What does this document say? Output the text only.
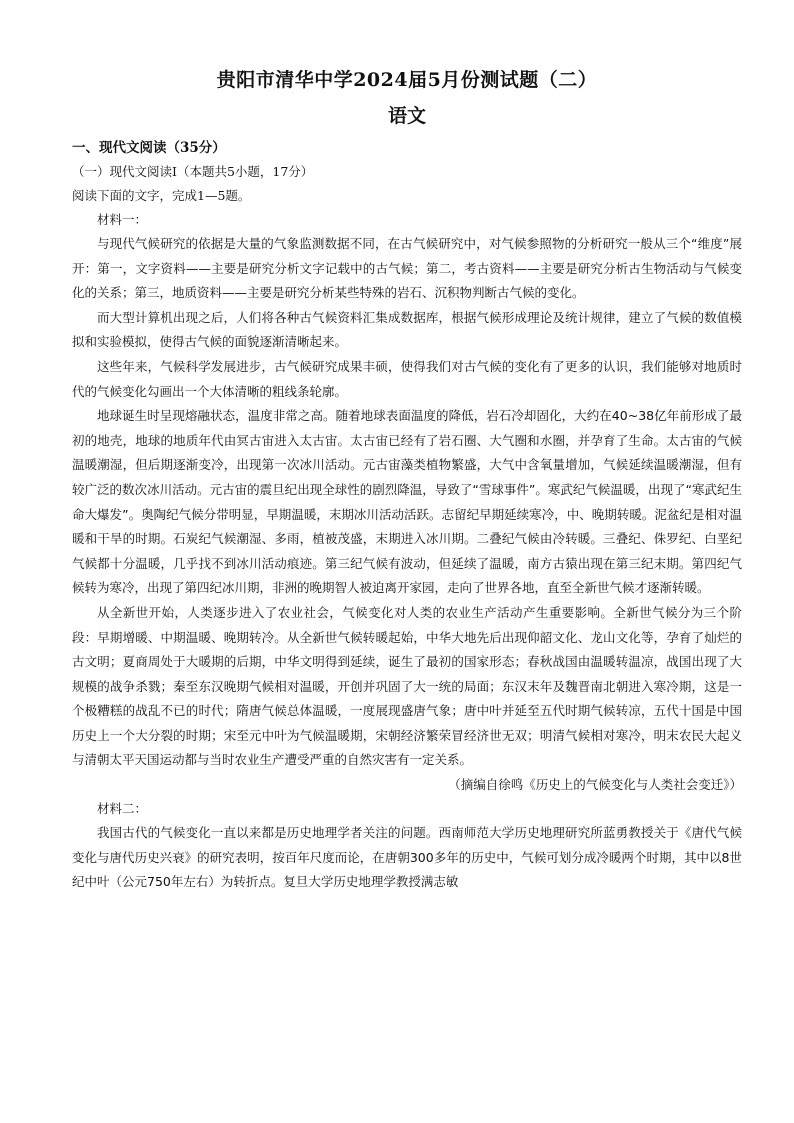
贵阳市清华中学2024届5月份测试题（二）
语文

一、现代文阅读（35分）

（一）现代文阅读Ⅰ（本题共5小题，17分）

阅读下面的文字，完成1—5题。

材料一：

与现代气候研究的依据是大量的气象监测数据不同，在古气候研究中，对气候参照物的分析研究一般从三个“维度”展开：第一，文字资料——主要是研究分析文字记载中的古气候；第二，考古资料——主要是研究分析古生物活动与气候变化的关系；第三，地质资料——主要是研究分析某些特殊的岩石、沉积物判断古气候的变化。

而大型计算机出现之后，人们将各种古气候资料汇集成数据库，根据气候形成理论及统计规律，建立了气候的数值模拟和实验模拟，使得古气候的面貌逐渐清晰起来。

这些年来，气候科学发展进步，古气候研究成果丰硕，使得我们对古气候的变化有了更多的认识，我们能够对地质时代的气候变化勾画出一个大体清晰的粗线条轮廓。

地球诞生时呈现熔融状态，温度非常之高。随着地球表面温度的降低，岩石冷却固化，大约在40~38亿年前形成了最初的地壳，地球的地质年代由冥古宙进入太古宙。太古宙已经有了岩石圈、大气圈和水圈，并孕育了生命。太古宙的气候温暖潮湿，但后期逐渐变冷，出现第一次冰川活动。元古宙藻类植物繁盛，大气中含氧量增加，气候延续温暖潮湿，但有较广泛的数次冰川活动。元古宙的震旦纪出现全球性的剧烈降温，导致了“雪球事件”。寒武纪气候温暖，出现了“寒武纪生命大爆发”。奥陶纪气候分带明显，早期温暖，末期冰川活动活跃。志留纪早期延续寒冷，中、晚期转暖。泥盆纪是相对温暖和干旱的时期。石炭纪气候潮湿、多雨，植被茂盛，末期进入冰川期。二叠纪气候由冷转暖。三叠纪、侏罗纪、白垩纪气候都十分温暖，几乎找不到冰川活动痕迹。第三纪气候有波动，但延续了温暖，南方古猿出现在第三纪末期。第四纪气候转为寒冷，出现了第四纪冰川期，非洲的晚期智人被迫离开家园，走向了世界各地，直至全新世气候才逐渐转暖。

从全新世开始，人类逐步进入了农业社会，气候变化对人类的农业生产活动产生重要影响。全新世气候分为三个阶段：早期增暖、中期温暖、晚期转冷。从全新世气候转暖起始，中华大地先后出现仰韶文化、龙山文化等，孕育了灿烂的古文明；夏商周处于大暖期的后期，中华文明得到延续，诞生了最初的国家形态；春秋战国由温暖转温凉，战国出现了大规模的战争杀戮；秦至东汉晚期气候相对温暖，开创并巩固了大一统的局面；东汉末年及魏晋南北朝进入寒冷期，这是一个极糟糕的战乱不已的时代；隋唐气候总体温暖，一度展现盛唐气象；唐中叶并延至五代时期气候转凉，五代十国是中国历史上一个大分裂的时期；宋至元中叶为气候温暖期，宋朝经济繁荣冒经济世无双；明清气候相对寒冷，明末农民大起义与清朝太平天国运动都与当时农业生产遭受严重的自然灾害有一定关系。

（摘编自徐鸣《历史上的气候变化与人类社会变迁》）

材料二：

我国古代的气候变化一直以来都是历史地理学者关注的问题。西南师范大学历史地理研究所蓝勇教授关于《唐代气候变化与唐代历史兴衰》的研究表明，按百年尺度而论，在唐朝300多年的历史中，气候可划分成冷暖两个时期，其中以8世纪中叶（公元750年左右）为转折点。复旦大学历史地理学教授满志敏
